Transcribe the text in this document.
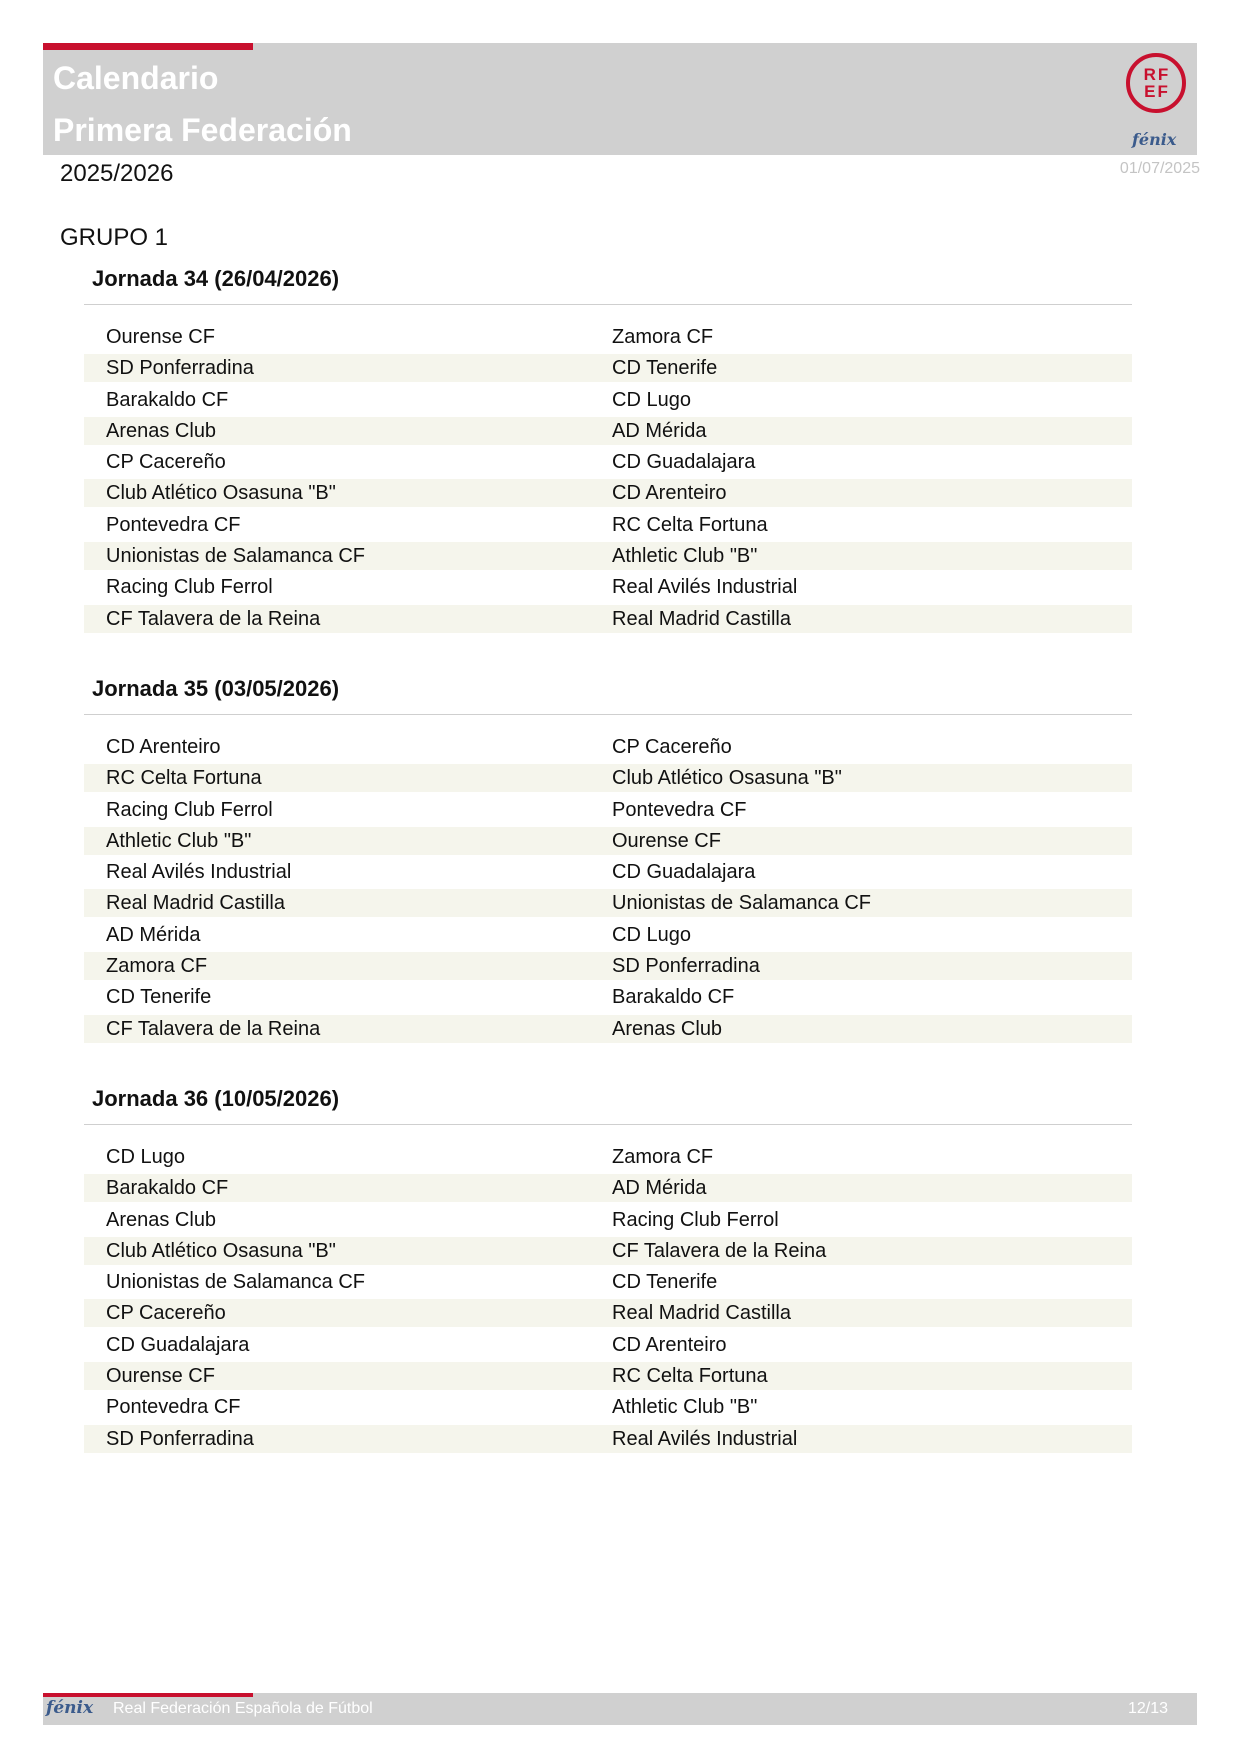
Calendario
Primera Federación
RF
EF
fénix
2025/2026	01/07/2025
GRUPO 1
Jornada 34 (26/04/2026)
Ourense CF	Zamora CF
SD Ponferradina	CD Tenerife
Barakaldo CF	CD Lugo
Arenas Club	AD Mérida
CP Cacereño	CD Guadalajara
Club Atlético Osasuna "B"	CD Arenteiro
Pontevedra CF	RC Celta Fortuna
Unionistas de Salamanca CF	Athletic Club "B"
Racing Club Ferrol	Real Avilés Industrial
CF Talavera de la Reina	Real Madrid Castilla
Jornada 35 (03/05/2026)
CD Arenteiro	CP Cacereño
RC Celta Fortuna	Club Atlético Osasuna "B"
Racing Club Ferrol	Pontevedra CF
Athletic Club "B"	Ourense CF
Real Avilés Industrial	CD Guadalajara
Real Madrid Castilla	Unionistas de Salamanca CF
AD Mérida	CD Lugo
Zamora CF	SD Ponferradina
CD Tenerife	Barakaldo CF
CF Talavera de la Reina	Arenas Club
Jornada 36 (10/05/2026)
CD Lugo	Zamora CF
Barakaldo CF	AD Mérida
Arenas Club	Racing Club Ferrol
Club Atlético Osasuna "B"	CF Talavera de la Reina
Unionistas de Salamanca CF	CD Tenerife
CP Cacereño	Real Madrid Castilla
CD Guadalajara	CD Arenteiro
Ourense CF	RC Celta Fortuna
Pontevedra CF	Athletic Club "B"
SD Ponferradina	Real Avilés Industrial
fénix Real Federación Española de Fútbol	12/13
